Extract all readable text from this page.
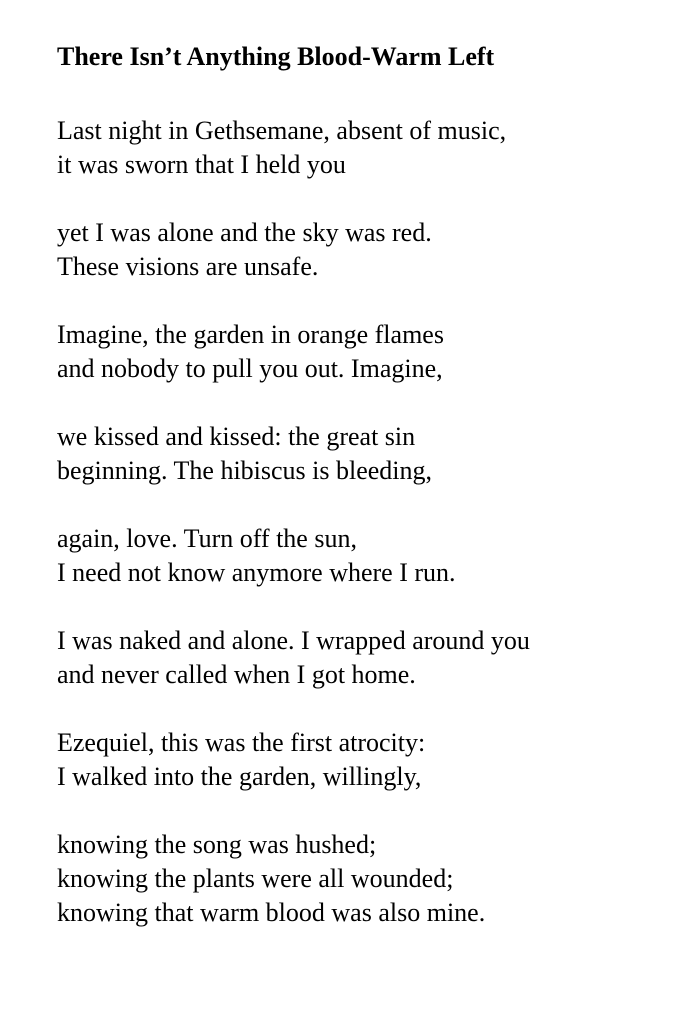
There Isn’t Anything Blood-Warm Left
Last night in Gethsemane, absent of music,
it was sworn that I held you
yet I was alone and the sky was red.
These visions are unsafe.
Imagine, the garden in orange flames
and nobody to pull you out. Imagine,
we kissed and kissed: the great sin
beginning. The hibiscus is bleeding,
again, love. Turn off the sun,
I need not know anymore where I run.
I was naked and alone. I wrapped around you
and never called when I got home.
Ezequiel, this was the first atrocity:
I walked into the garden, willingly,
knowing the song was hushed;
knowing the plants were all wounded;
knowing that warm blood was also mine.
